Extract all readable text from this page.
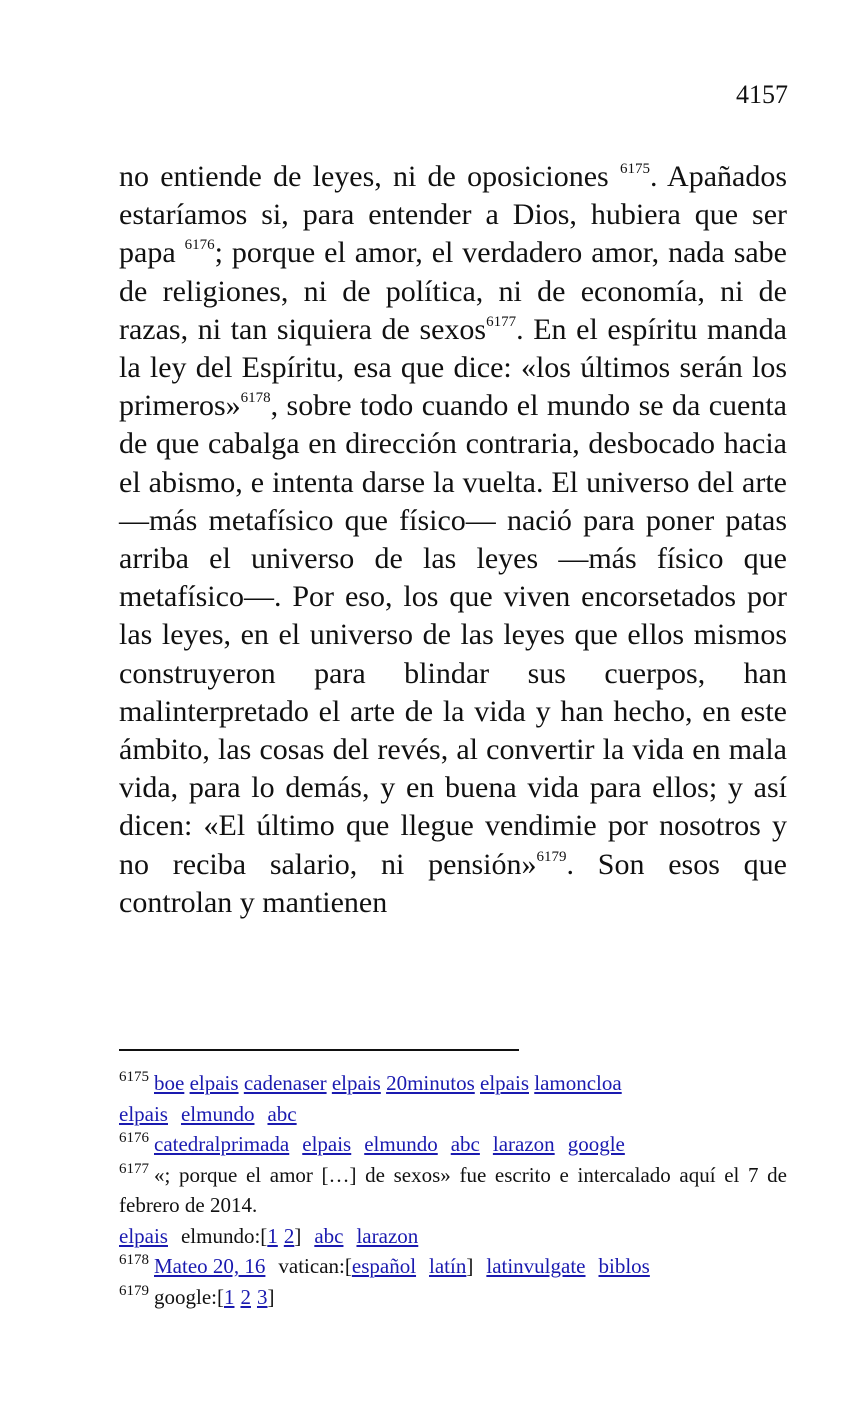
4157

no entiende de leyes, ni de oposiciones $^{6175}$. Apañados estaríamos si, para entender a Dios, hubiera que ser papa $^{6176}$; porque el amor, el verdadero amor, nada sabe de religiones, ni de política, ni de economía, ni de razas, ni tan siquiera de sexos$^{6177}$. En el espíritu manda la ley del Espíritu, esa que dice: «los últimos serán los primeros»$^{6178}$, sobre todo cuando el mundo se da cuenta de que cabalga en dirección contraria, desbocado hacia el abismo, e intenta darse la vuelta. El universo del arte ―más metafísico que físico― nació para poner patas arriba el universo de las leyes ―más físico que metafísico―. Por eso, los que viven encorsetados por las leyes, en el universo de las leyes que ellos mismos construyeron para blindar sus cuerpos, han malinterpretado el arte de la vida y han hecho, en este ámbito, las cosas del revés, al convertir la vida en mala vida, para lo demás, y en buena vida para ellos; y así dicen: «El último que llegue vendimie por nosotros y no reciba salario, ni pensión»$^{6179}$. Son esos que controlan y mantienen

$^{6175}$ boe elpais cadenaser elpais 20minutos elpais lamoncloa
elpais elmundo abc

$^{6176}$ catedralprimada elpais elmundo abc larazon google

$^{6177}$ «; porque el amor […] de sexos» fue escrito e intercalado aquí el 7 de febrero de 2014.

elpais elmundo:[1 2] abc larazon

$^{6178}$ Mateo 20, 16 vatican:[español latín] latinvulgate biblos

$^{6179}$ google:[1 2 3]
